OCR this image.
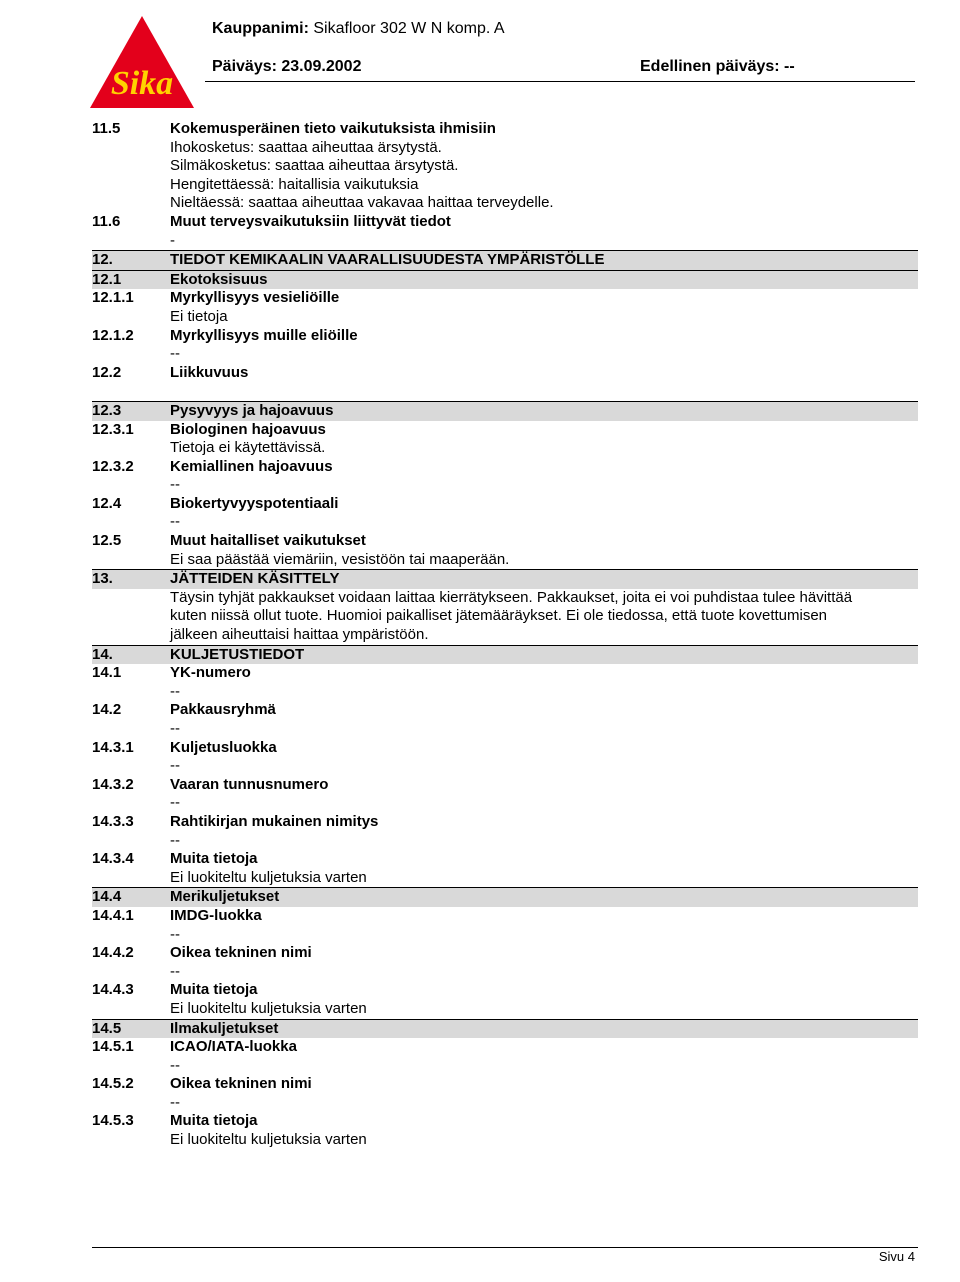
Sika
Kauppanimi: Sikafloor 302 W N komp. A
Päiväys: 23.09.2002	Edellinen päiväys: --
11.5	Kokemusperäinen tieto vaikutuksista ihmisiin
Ihokosketus: saattaa aiheuttaa ärsytystä.
Silmäkosketus: saattaa aiheuttaa ärsytystä.
Hengitettäessä: haitallisia vaikutuksia
Nieltäessä: saattaa aiheuttaa vakavaa haittaa terveydelle.
11.6	Muut terveysvaikutuksiin liittyvät tiedot
-
12.	TIEDOT KEMIKAALIN VAARALLISUUDESTA YMPÄRISTÖLLE
12.1	Ekotoksisuus
12.1.1 Myrkyllisyys vesieliöille
Ei tietoja
12.1.2 Myrkyllisyys muille eliöille
--
12.2	Liikkuvuus

12.3	Pysyvyys ja hajoavuus
12.3.1 Biologinen hajoavuus
Tietoja ei käytettävissä.
12.3.2 Kemiallinen hajoavuus
--
12.4	Biokertyvyyspotentiaali
--
12.5	Muut haitalliset vaikutukset
Ei saa päästää viemäriin, vesistöön tai maaperään.
13.	JÄTTEIDEN KÄSITTELY
Täysin tyhjät pakkaukset voidaan laittaa kierrätykseen. Pakkaukset, joita ei voi puhdistaa tulee hävittää
kuten niissä ollut tuote. Huomioi paikalliset jätemääräykset. Ei ole tiedossa, että tuote kovettumisen
jälkeen aiheuttaisi haittaa ympäristöön.
14.	KULJETUSTIEDOT
14.1	YK-numero
--
14.2	Pakkausryhmä
--
14.3.1 Kuljetusluokka
--
14.3.2 Vaaran tunnusnumero
--
14.3.3 Rahtikirjan mukainen nimitys
--
14.3.4 Muita tietoja
Ei luokiteltu kuljetuksia varten
14.4	Merikuljetukset
14.4.1 IMDG-luokka
--
14.4.2 Oikea tekninen nimi
--
14.4.3 Muita tietoja
Ei luokiteltu kuljetuksia varten
14.5	Ilmakuljetukset
14.5.1 ICAO/IATA-luokka
--
14.5.2 Oikea tekninen nimi
--
14.5.3 Muita tietoja
Ei luokiteltu kuljetuksia varten
Sivu 4
